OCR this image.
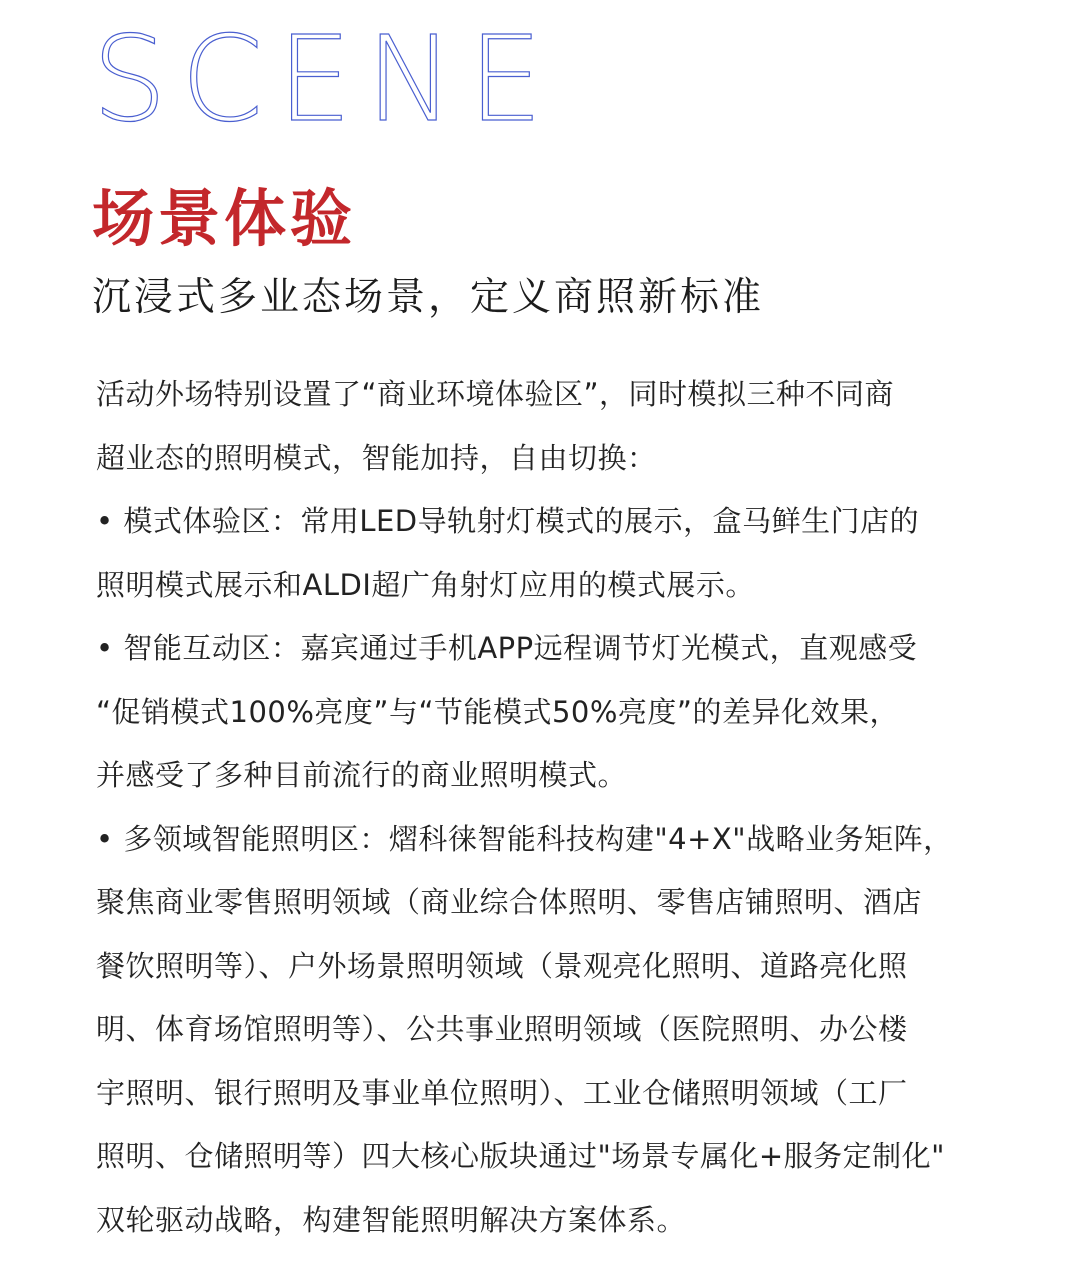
SCENE
场景体验
沉浸式多业态场景，定义商照新标准
活动外场特别设置了“商业环境体验区”，同时模拟三种不同商
超业态的照明模式，智能加持，自由切换：
• 模式体验区：常用LED导轨射灯模式的展示，盒马鲜生门店的
照明模式展示和ALDI超广角射灯应用的模式展示。
• 智能互动区：嘉宾通过手机APP远程调节灯光模式，直观感受
“促销模式100%亮度”与“节能模式50%亮度”的差异化效果，
并感受了多种目前流行的商业照明模式。
• 多领域智能照明区：熠科徕智能科技构建"4+X"战略业务矩阵，
聚焦商业零售照明领域（商业综合体照明、零售店铺照明、酒店
餐饮照明等）、户外场景照明领域（景观亮化照明、道路亮化照
明、体育场馆照明等）、公共事业照明领域（医院照明、办公楼
宇照明、银行照明及事业单位照明）、工业仓储照明领域（工厂
照明、仓储照明等）四大核心版块通过"场景专属化+服务定制化"
双轮驱动战略，构建智能照明解决方案体系。
